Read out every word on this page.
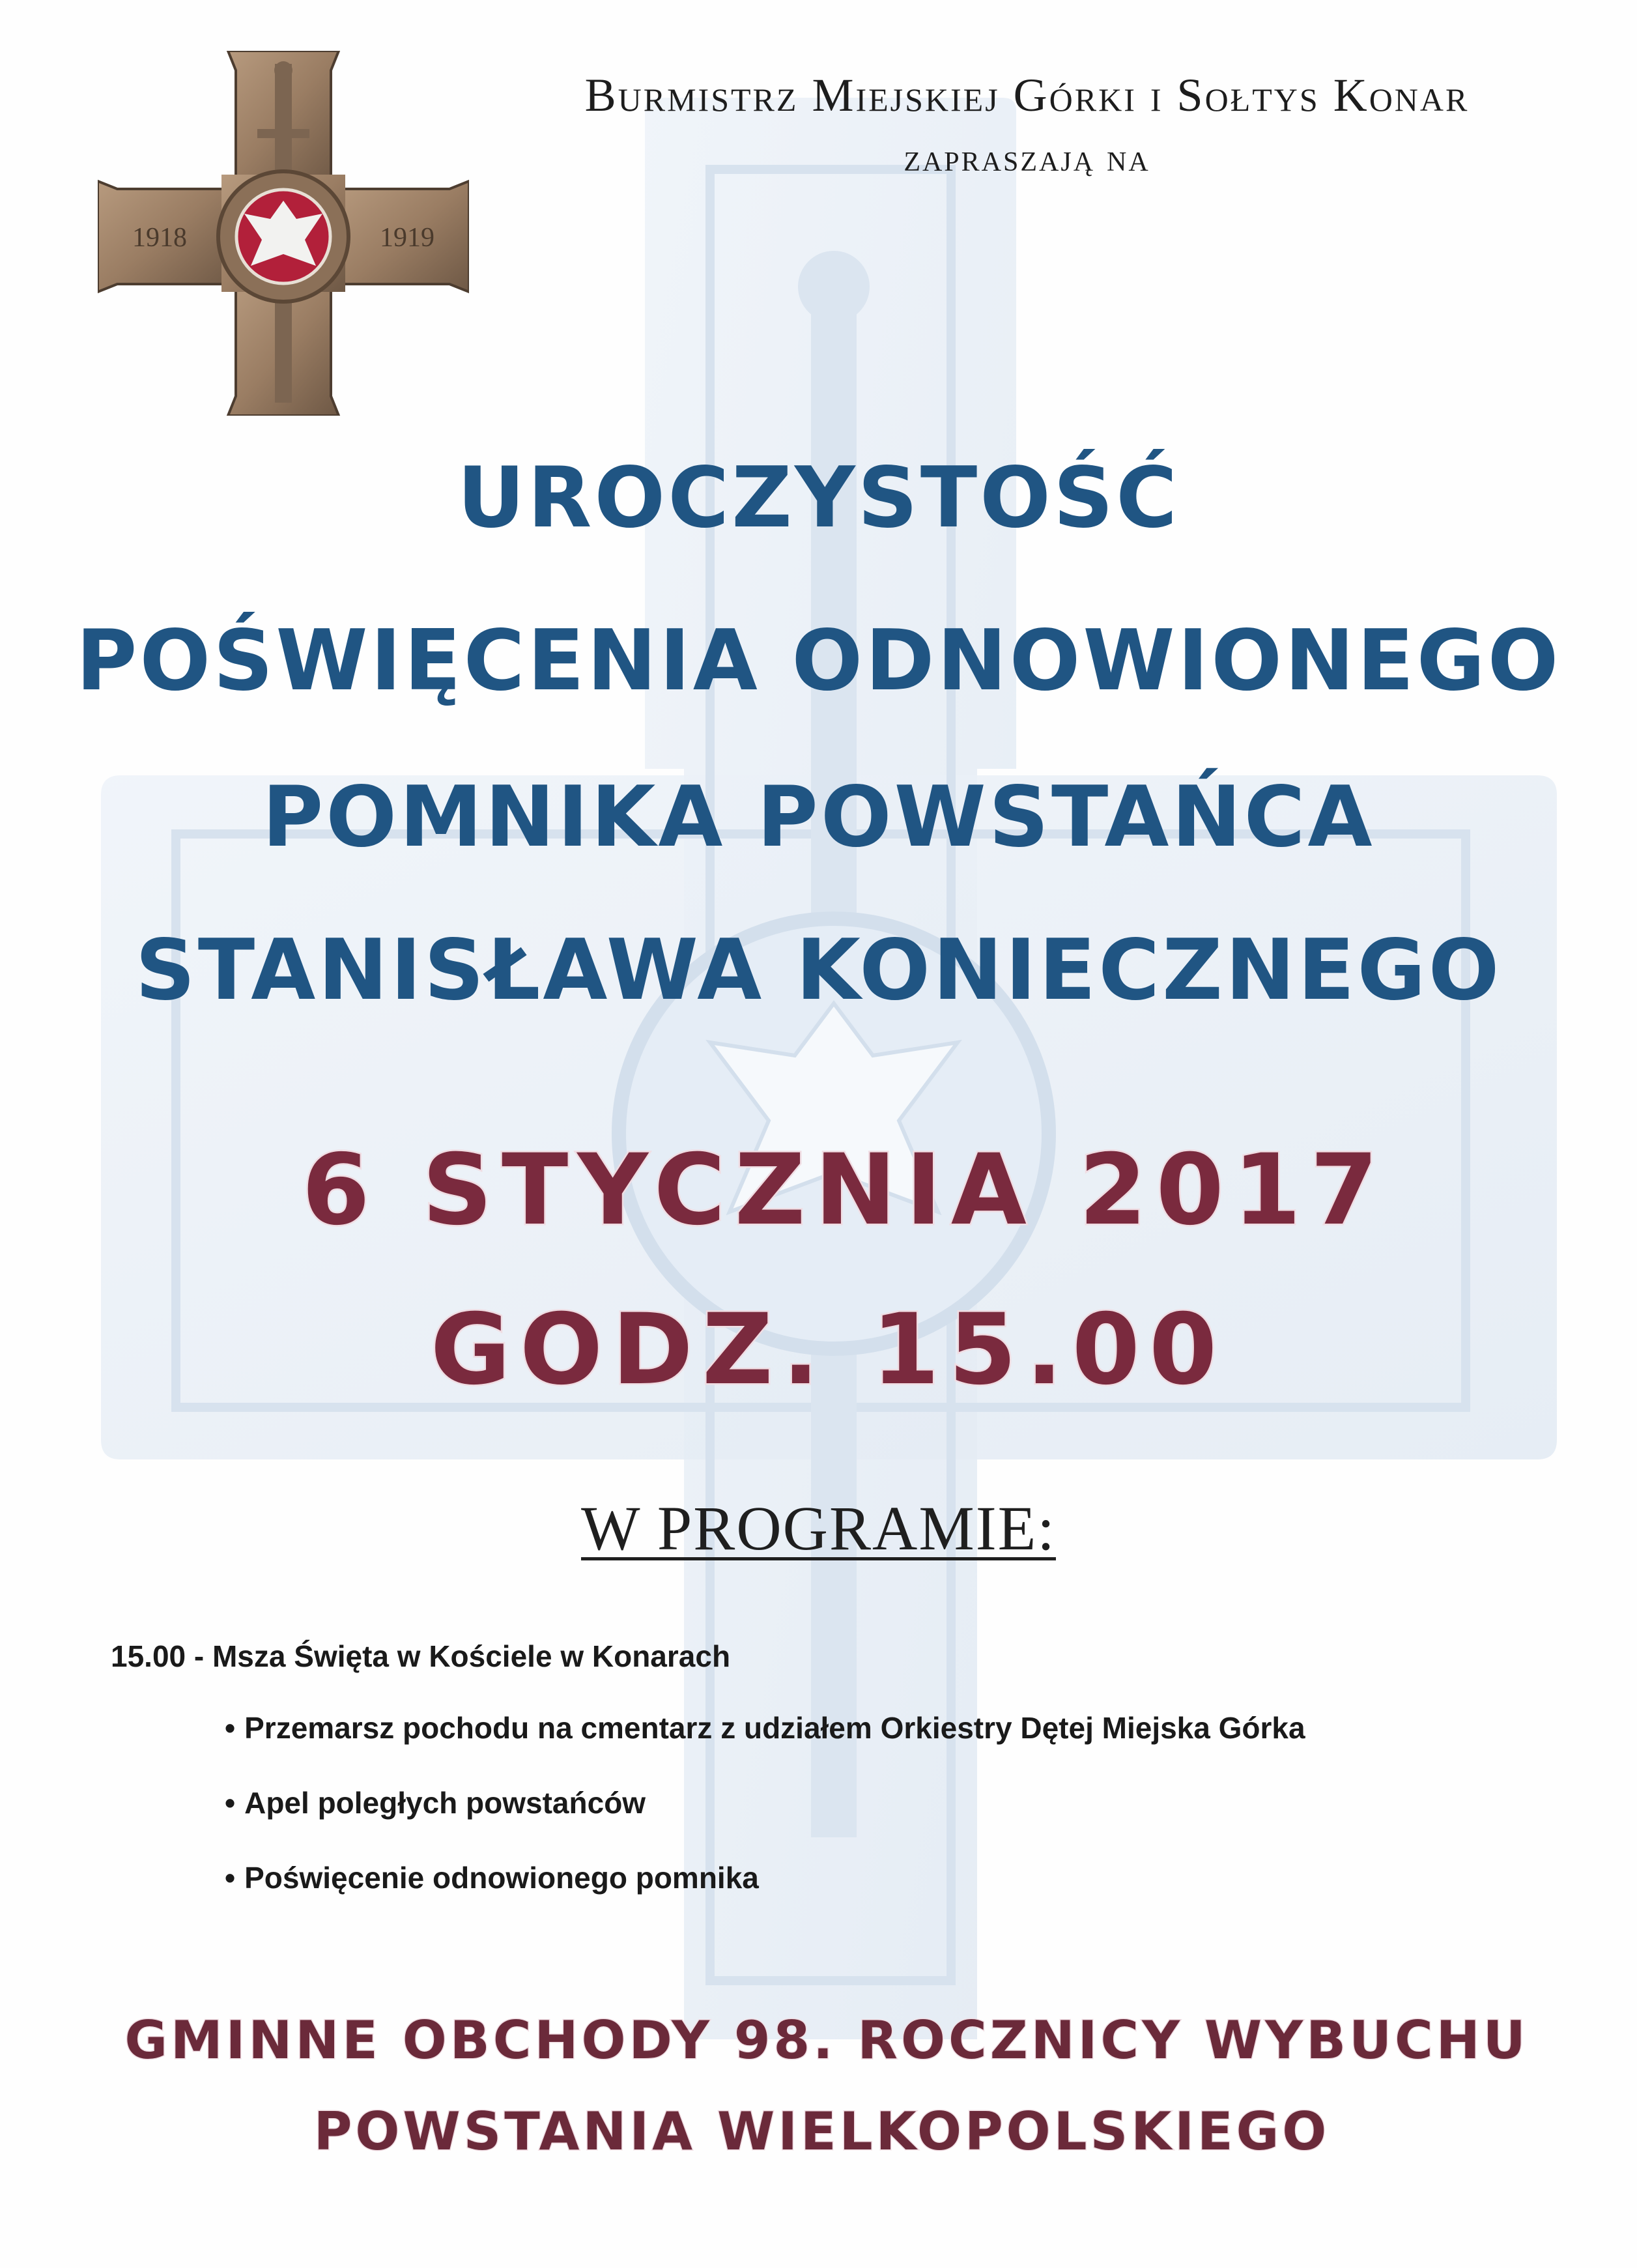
1918	1919
Burmistrz Miejskiej Górki i Sołtys Konar
zapraszają na
UROCZYSTOŚĆ
POŚWIĘCENIA ODNOWIONEGO
POMNIKA POWSTAŃCA
STANISŁAWA KONIECZNEGO
6 STYCZNIA 2017
GODZ. 15.00
W PROGRAMIE:
15.00 - Msza Święta w Kościele w Konarach
• Przemarsz pochodu na cmentarz z udziałem Orkiestry Dętej Miejska Górka
• Apel poległych powstańców
• Poświęcenie odnowionego pomnika
GMINNE OBCHODY 98. ROCZNICY WYBUCHU
POWSTANIA WIELKOPOLSKIEGO
